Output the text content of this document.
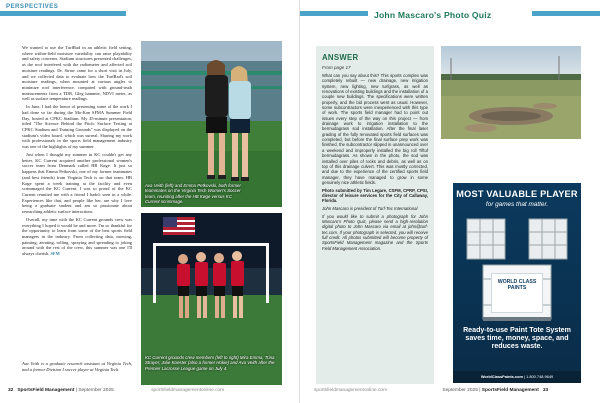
PERSPECTIVES

We wanted to use the TurfRad in an athletic field setting, where within-field moisture variability can raise playability and safety concerns. Stadium structures presented challenges, as the roof interfered with the radiometer and affected soil moisture readings. Dr. Straw came for a short visit in July, and we collected data to evaluate how the TurfRad's soil moisture readings, when mounted at various angles to minimize roof interference, compared with ground-truth measurements from a TDR, Gleg hammer, NDVI meter, as well as surface temperature readings.

In June, I had the honor of presenting some of the work I had done so far during the Mo-Kan SFMA Summer Field Day, hosted at CPKC Stadium. My 45-minute presentation, titled "The Science Behind the Pitch: Surface Testing at CPKC Stadium and Training Grounds" was displayed on the stadium's video board, which was surreal. Sharing my work with professionals in the sports field management industry was one of the highlights of my summer.

Just when I thought my summer in KC couldn't get any better, KC Current acquired another professional women's soccer team from Denmark called HB Køge. It just so happens that Emma Petkovski, one of my former teammates (and best friends) from Virginia Tech is on that team. HB Køge spent a week training at the facility and even scrimmaged the KC Current. I was so proud of the KC Current reunited me with a friend I hadn't seen in a while. Experiences like that, and people like her, are why I love being a graduate student and am so passionate about researching athletic surface interactions.

Overall, my time with the KC Current grounds crew was everything I hoped it would be and more. I'm so thankful for the opportunity to learn from some of the best sports field managers in the industry. From collecting data, mowing, painting, aerating, rolling, spraying and spreading to joking around with the rest of the crew, this summer was one I'll always cherish. SFM

Ava Veith is a graduate research assistant at Virginia Tech, and a former Division I soccer player at Virginia Tech.

Ava Veith (left) and Emma Petkovski, both former teammates on the Virginia Tech Women's Soccer team, reuniting after the HB Køge versus KC Current scrimmage.
KC Current grounds crew members (left to right) Mira Emma, Trina Strayer, Julie Koester (also a former Hokie) and Ava Veith after the Premier Lacrosse League game on July 4.
32 SportsField Management | September 2025	sportsfieldmanagementonline.com
John Mascaro's Photo Quiz
ANSWER
From page 17

What can you say about this? This sports complex was completely rebuilt — new drainage, new irrigation system, new lighting, new turfgrass, as well as renovations of existing buildings and the installation of a couple new buildings. The specifications were written properly, and the bid process went as usual. However, some subcontractors were inexperienced with this type of work. The sports field manager had to point out issues every step of the way on this project — from drainage work to irrigation installation to the bermudagrass sod installation. After the final laser grading of the fully renovated sports field surfaces was completed, but before the final surface prep work was finished, the subcontractor slipped in unannounced over a weekend and improperly installed the big roll Tiftuf bermudagrass. As shown in the photo, the sod was installed over piles of rocks and debris, as well as on top of this drainage culvert. This was mostly corrected, and due to the experience of the certified sports field manager, they have managed to grow in some genuinely nice athletic fields.

Photo submitted by Tim Legare, CSFM, CPRP, CPSI, director of leisure services for the City of Callaway, Florida.

John Mascaro is president of Turf-Tec International

If you would like to submit a photograph for John Mascaro's Photo Quiz, please send a high-resolution digital photo to John Mascaro via email at john@turf-tec.com. If your photograph is selected, you will receive full credit. All photos submitted will become property of SportsField Management magazine and the Sports Field Management Association.

MOST VALUABLE PLAYER
for games that matter.
WORLD CLASS
PAINTS
Ready-to-use Paint Tote System saves time, money, space, and reduces waste.
WorldClassPaints.com | 1.800.748.9649
sportsfieldmanagementonline.com	September 2025 | SportsField Management 33
